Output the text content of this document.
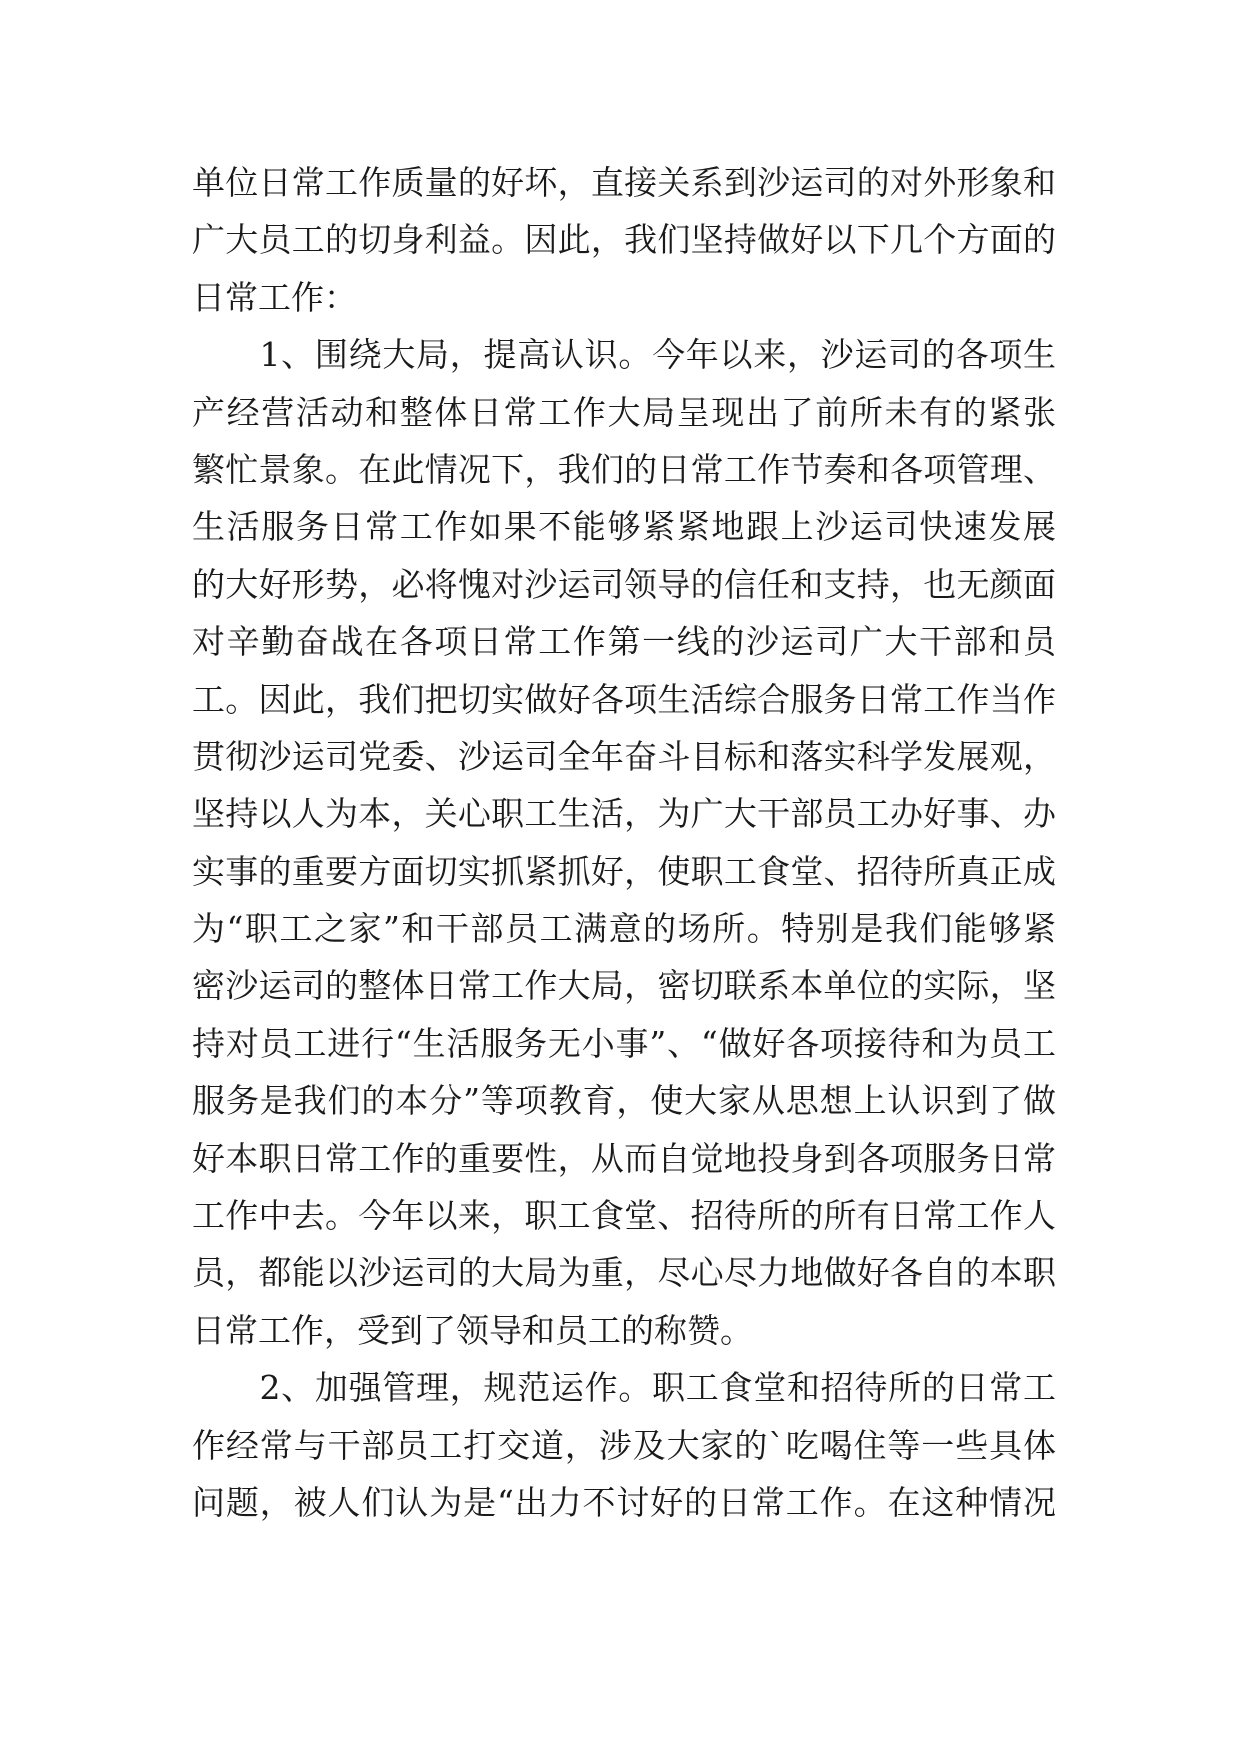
单位日常工作质量的好坏，直接关系到沙运司的对外形象和
广大员工的切身利益。因此，我们坚持做好以下几个方面的
日常工作：
　　1、围绕大局，提高认识。今年以来，沙运司的各项生
产经营活动和整体日常工作大局呈现出了前所未有的紧张
繁忙景象。在此情况下，我们的日常工作节奏和各项管理、
生活服务日常工作如果不能够紧紧地跟上沙运司快速发展
的大好形势，必将愧对沙运司领导的信任和支持，也无颜面
对辛勤奋战在各项日常工作第一线的沙运司广大干部和员
工。因此，我们把切实做好各项生活综合服务日常工作当作
贯彻沙运司党委、沙运司全年奋斗目标和落实科学发展观，
坚持以人为本，关心职工生活，为广大干部员工办好事、办
实事的重要方面切实抓紧抓好，使职工食堂、招待所真正成
为“职工之家”和干部员工满意的场所。特别是我们能够紧
密沙运司的整体日常工作大局，密切联系本单位的实际，坚
持对员工进行“生活服务无小事”、“做好各项接待和为员工
服务是我们的本分”等项教育，使大家从思想上认识到了做
好本职日常工作的重要性，从而自觉地投身到各项服务日常
工作中去。今年以来，职工食堂、招待所的所有日常工作人
员，都能以沙运司的大局为重，尽心尽力地做好各自的本职
日常工作，受到了领导和员工的称赞。
　　2、加强管理，规范运作。职工食堂和招待所的日常工
作经常与干部员工打交道，涉及大家的`吃喝住等一些具体
问题，被人们认为是“出力不讨好的日常工作。在这种情况
